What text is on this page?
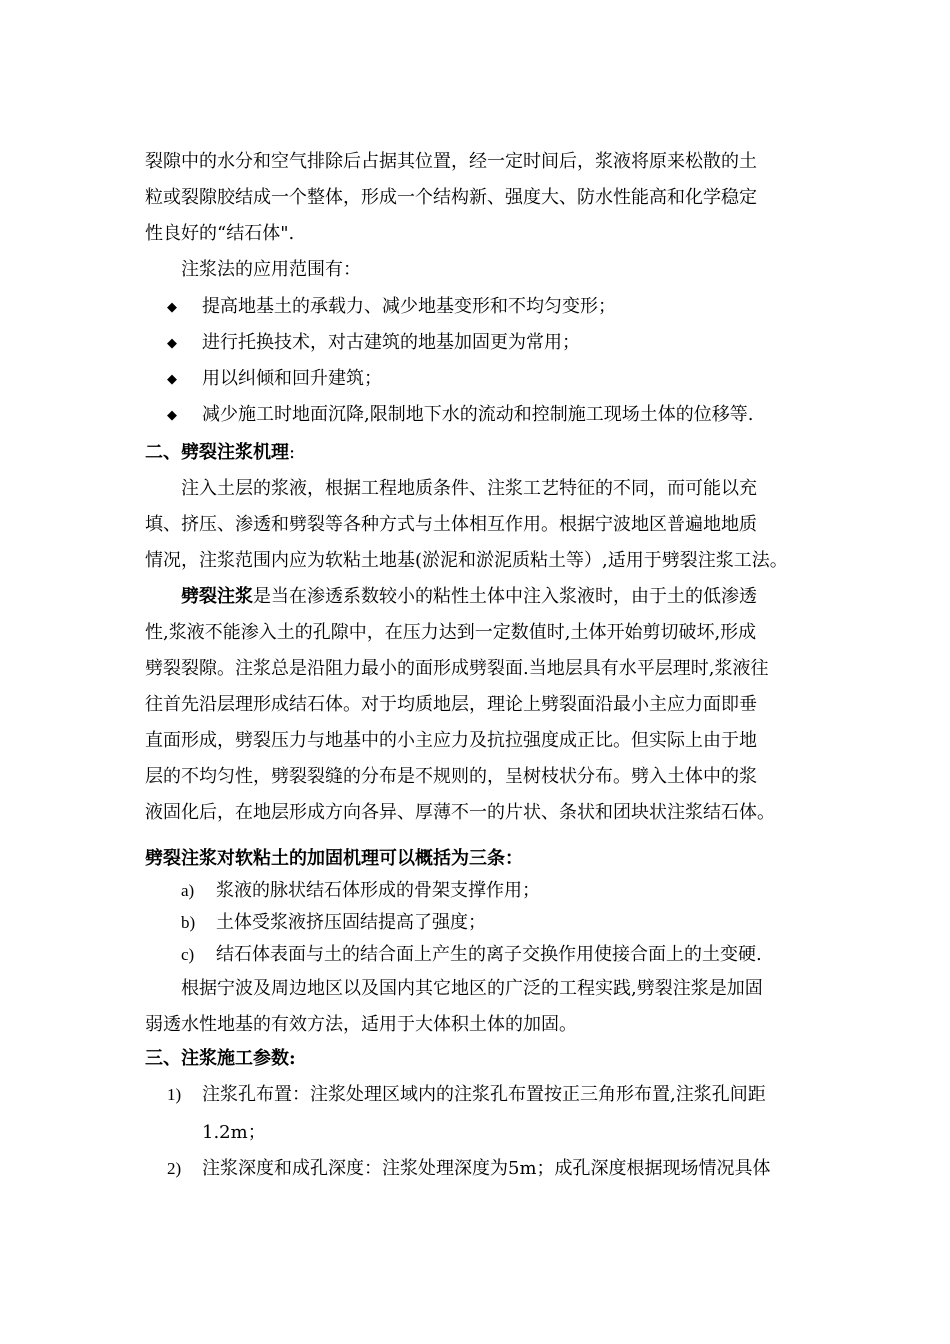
裂隙中的水分和空气排除后占据其位置，经一定时间后，浆液将原来松散的土
粒或裂隙胶结成一个整体，形成一个结构新、强度大、防水性能高和化学稳定
性良好的“结石体".
注浆法的应用范围有：
◆ 提高地基土的承载力、减少地基变形和不均匀变形；
◆ 进行托换技术，对古建筑的地基加固更为常用；
◆ 用以纠倾和回升建筑；
◆ 减少施工时地面沉降,限制地下水的流动和控制施工现场土体的位移等.
二、劈裂注浆机理:
注入土层的浆液，根据工程地质条件、注浆工艺特征的不同，而可能以充
填、挤压、渗透和劈裂等各种方式与土体相互作用。根据宁波地区普遍地地质
情况，注浆范围内应为软粘土地基(淤泥和淤泥质粘土等）,适用于劈裂注浆工法。
劈裂注浆是当在渗透系数较小的粘性土体中注入浆液时，由于土的低渗透
性,浆液不能渗入土的孔隙中，在压力达到一定数值时,土体开始剪切破坏,形成
劈裂裂隙。注浆总是沿阻力最小的面形成劈裂面.当地层具有水平层理时,浆液往
往首先沿层理形成结石体。对于均质地层，理论上劈裂面沿最小主应力面即垂
直面形成，劈裂压力与地基中的小主应力及抗拉强度成正比。但实际上由于地
层的不均匀性，劈裂裂缝的分布是不规则的，呈树枝状分布。劈入土体中的浆
液固化后，在地层形成方向各异、厚薄不一的片状、条状和团块状注浆结石体。
劈裂注浆对软粘土的加固机理可以概括为三条：
a) 浆液的脉状结石体形成的骨架支撑作用；
b) 土体受浆液挤压固结提高了强度；
c) 结石体表面与土的结合面上产生的离子交换作用使接合面上的土变硬.
根据宁波及周边地区以及国内其它地区的广泛的工程实践,劈裂注浆是加固
弱透水性地基的有效方法，适用于大体积土体的加固。
三、注浆施工参数:
1) 注浆孔布置：注浆处理区域内的注浆孔布置按正三角形布置,注浆孔间距
1.2m；
2) 注浆深度和成孔深度：注浆处理深度为5m；成孔深度根据现场情况具体
